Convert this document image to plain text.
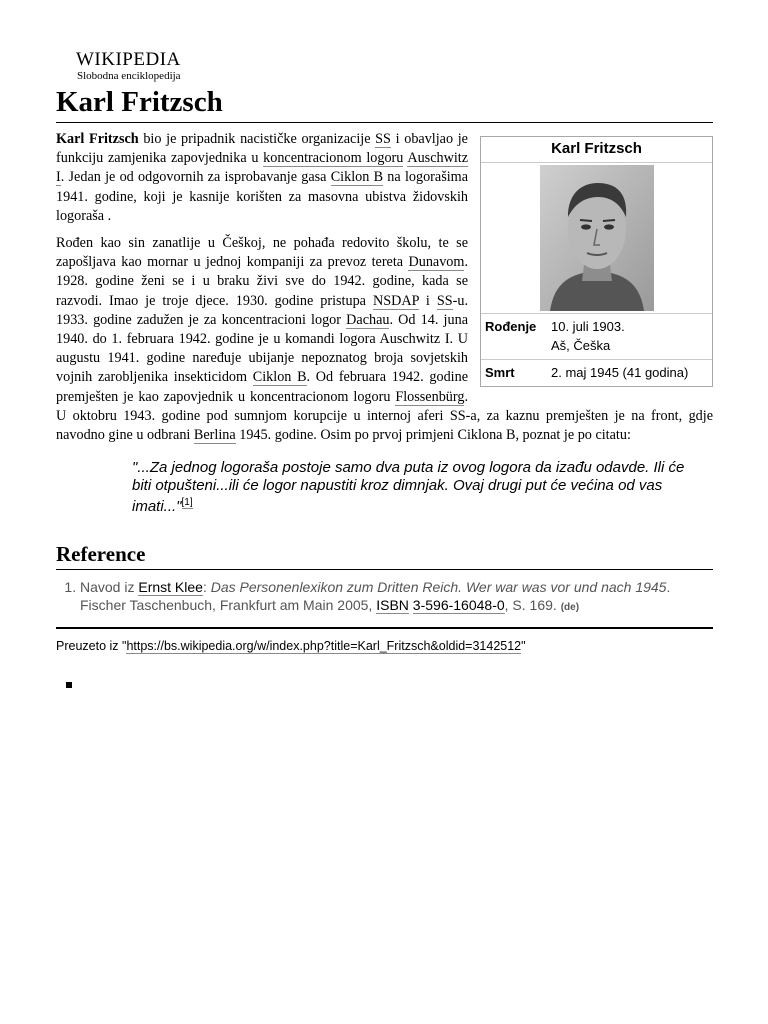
WIKIPEDIA
Slobodna enciklopedija
Karl Fritzsch
Karl Fritzsch
Rođenje	10. juli 1903.
Aš, Češka
Smrt	2. maj 1945 (41 godina)

Karl Fritzsch bio je pripadnik nacističke organizacije SS i obavljao je funkciju zamjenika zapovjednika u koncentracionom logoru Auschwitz I. Jedan je od odgovornih za isprobavanje gasa Ciklon B na logorašima 1941. godine, koji je kasnije korišten za masovna ubistva židovskih logoraša .

Rođen kao sin zanatlije u Češkoj, ne pohađa redovito školu, te se zapošljava kao mornar u jednoj kompaniji za prevoz tereta Dunavom. 1928. godine ženi se i u braku živi sve do 1942. godine, kada se razvodi. Imao je troje djece. 1930. godine pristupa NSDAP i SS-u. 1933. godine zadužen je za koncentracioni logor Dachau. Od 14. juna 1940. do 1. februara 1942. godine je u komandi logora Auschwitz I. U augustu 1941. godine naređuje ubijanje nepoznatog broja sovjetskih vojnih zarobljenika insekticidom Ciklon B. Od februara 1942. godine premješten je kao zapovjednik u koncentracionom logoru Flossenbürg. U oktobru 1943. godine pod sumnjom korupcije u internoj aferi SS-a, za kaznu premješten je na front, gdje navodno gine u odbrani Berlina 1945. godine. Osim po prvoj primjeni Ciklona B, poznat je po citatu:

"...Za jednog logoraša postoje samo dva puta iz ovog logora da izađu odavde. Ili će biti otpušteni...ili će logor napustiti kroz dimnjak. Ovaj drugi put će većina od vas imati..."[1]
Reference
1. Navod iz Ernst Klee: Das Personenlexikon zum Dritten Reich. Wer war was vor und nach 1945. Fischer Taschenbuch, Frankfurt am Main 2005, ISBN 3-596-16048-0, S. 169. (de)
Preuzeto iz "https://bs.wikipedia.org/w/index.php?title=Karl_Fritzsch&oldid=3142512"
